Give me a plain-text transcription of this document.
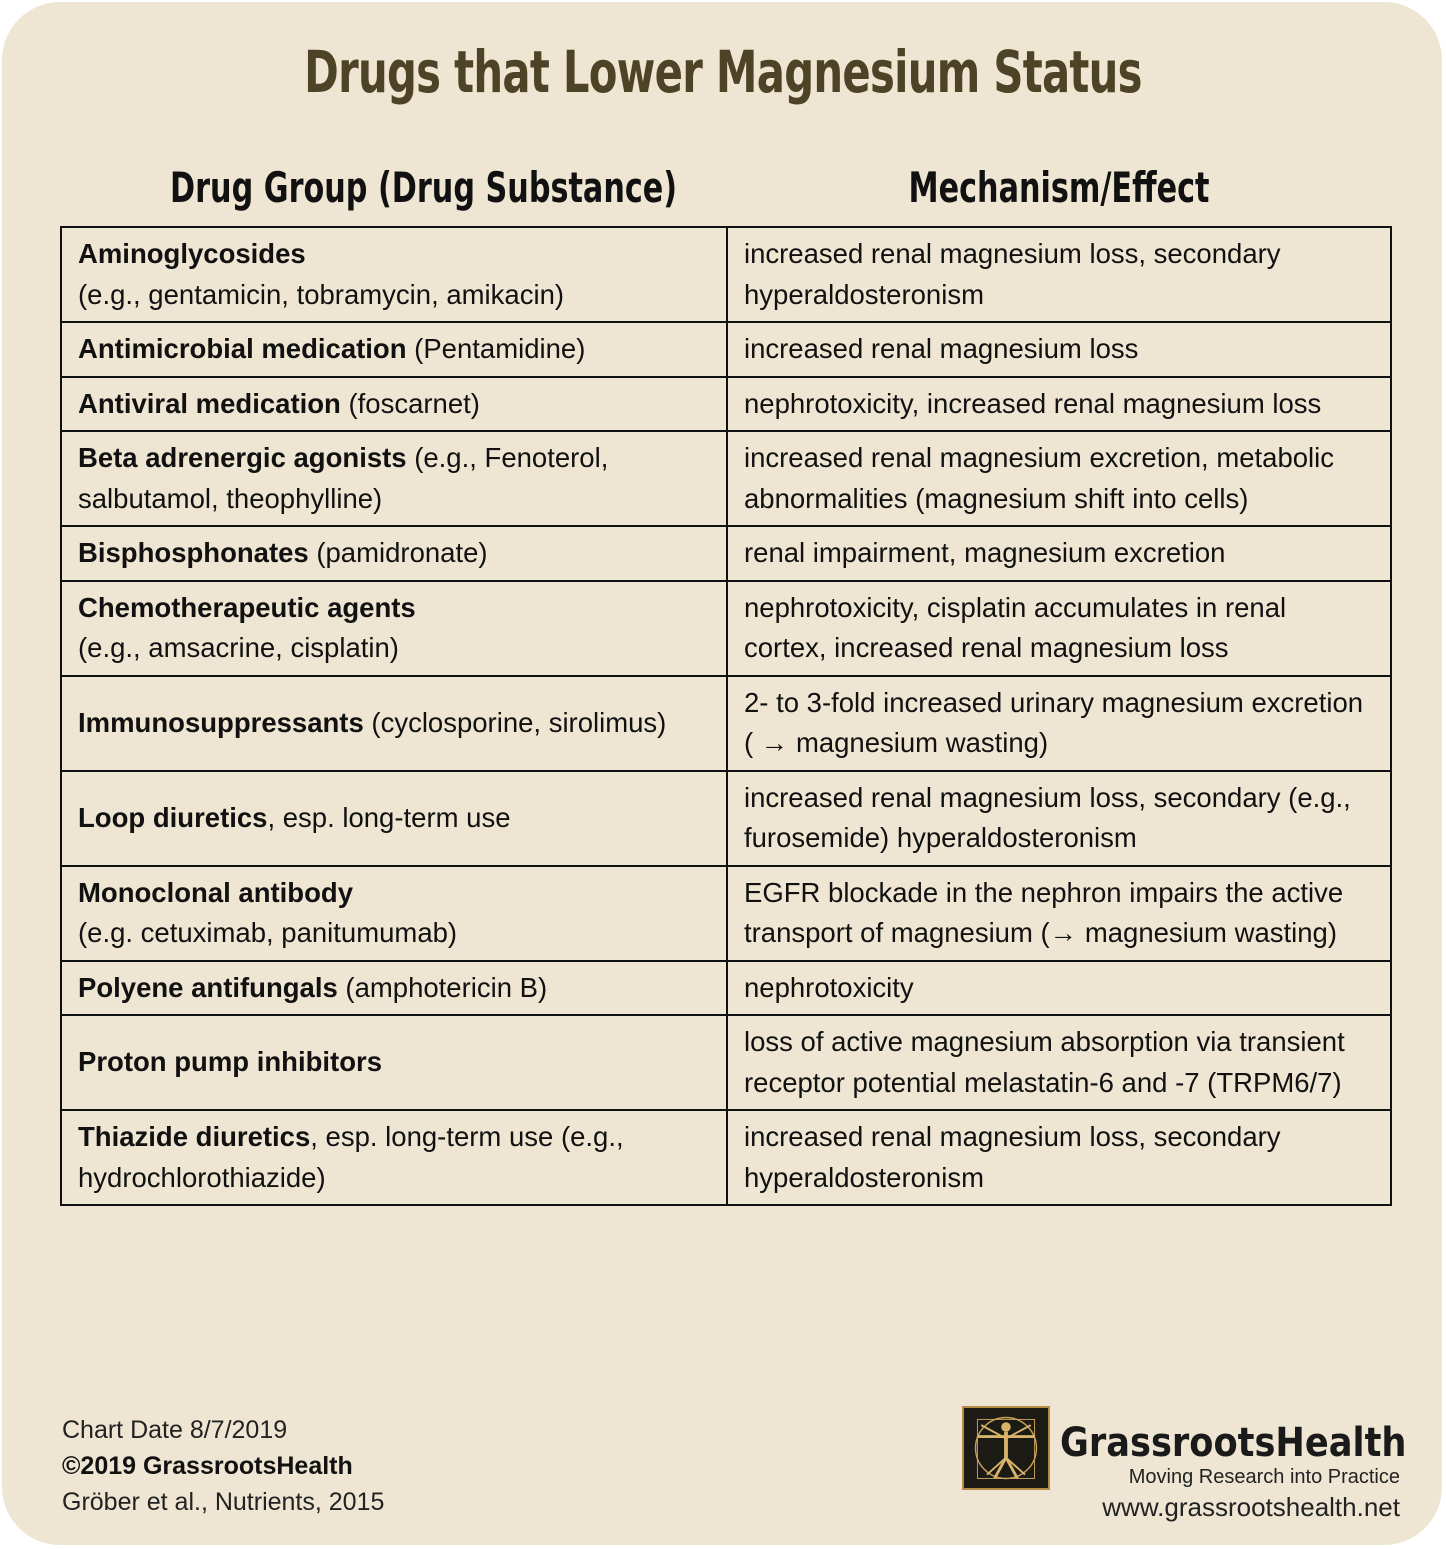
Drugs that Lower Magnesium Status
Drug Group (Drug Substance)	Mechanism/Effect
Aminoglycosides
(e.g., gentamicin, tobramycin, amikacin)	increased renal magnesium loss, secondary hyperaldosteronism
Antimicrobial medication (Pentamidine)	increased renal magnesium loss
Antiviral medication (foscarnet)	nephrotoxicity, increased renal magnesium loss
Beta adrenergic agonists (e.g., Fenoterol, salbutamol, theophylline)	increased renal magnesium excretion, metabolic abnormalities (magnesium shift into cells)
Bisphosphonates (pamidronate)	renal impairment, magnesium excretion
Chemotherapeutic agents
(e.g., amsacrine, cisplatin)	nephrotoxicity, cisplatin accumulates in renal cortex, increased renal magnesium loss
Immunosuppressants (cyclosporine, sirolimus)	2- to 3-fold increased urinary magnesium excretion ( → magnesium wasting)
Loop diuretics, esp. long-term use	increased renal magnesium loss, secondary (e.g., furosemide) hyperaldosteronism
Monoclonal antibody
(e.g. cetuximab, panitumumab)	EGFR blockade in the nephron impairs the active transport of magnesium (→ magnesium wasting)
Polyene antifungals (amphotericin B)	nephrotoxicity
Proton pump inhibitors	loss of active magnesium absorption via transient receptor potential melastatin-6 and -7 (TRPM6/7)
Thiazide diuretics, esp. long-term use (e.g., hydrochlorothiazide)	increased renal magnesium loss, secondary hyperaldosteronism
Chart Date 8/7/2019
©2019 GrassrootsHealth
Gröber et al., Nutrients, 2015
GrassrootsHealth
Moving Research into Practice
www.grassrootshealth.net
